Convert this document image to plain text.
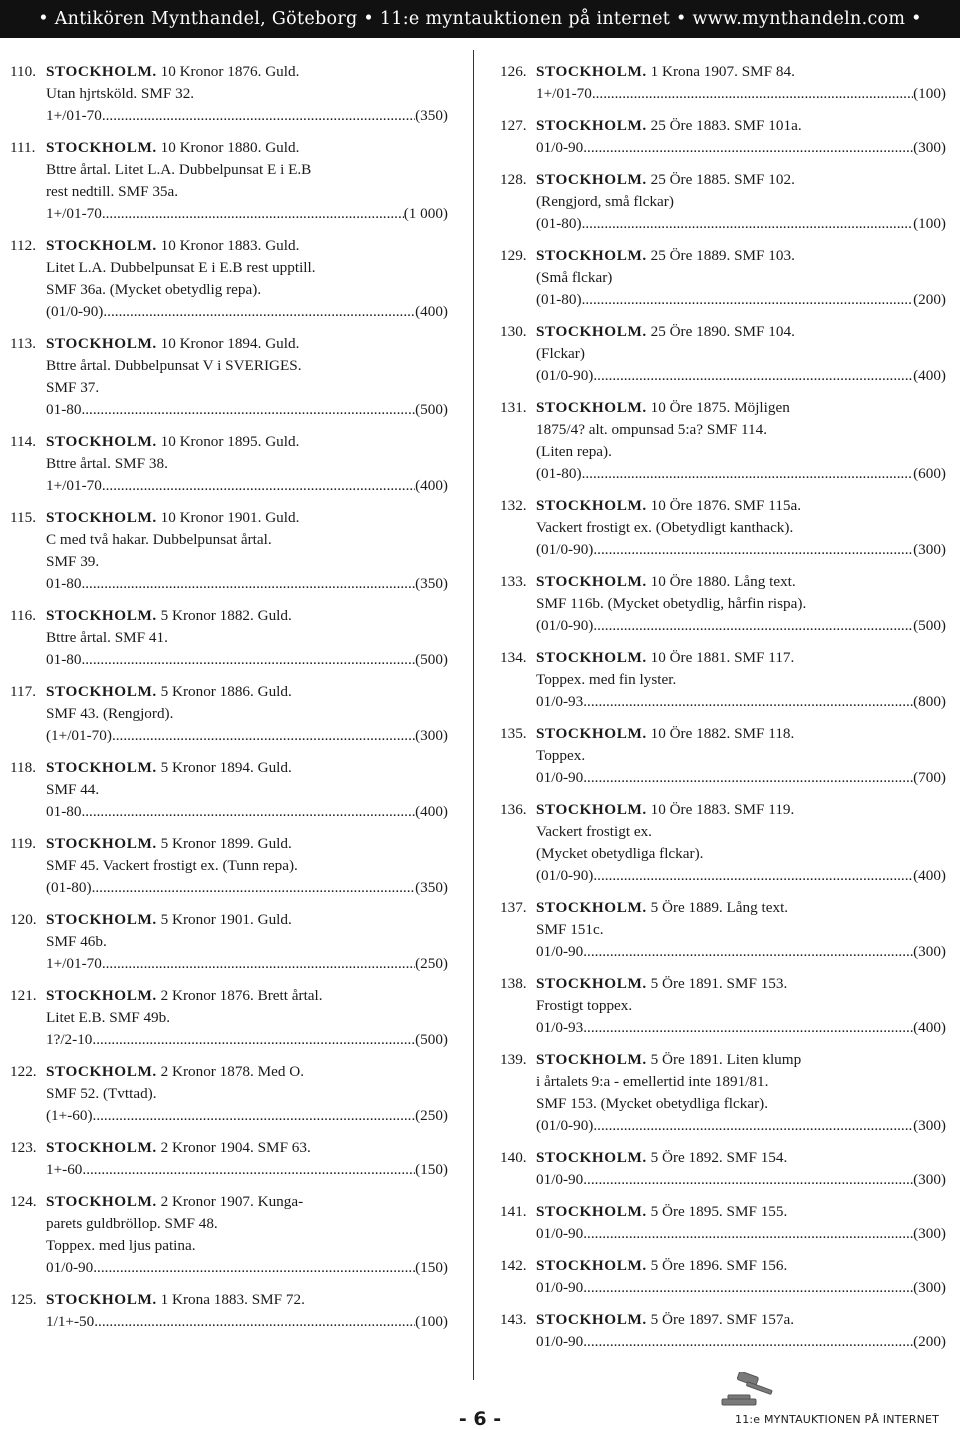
• Antikören Mynthandel, Göteborg • 11:e myntauktionen på internet • www.mynthandeln.com •
110. STOCKHOLM. 10 Kronor 1876. Guld.
Utan hjrtsköld. SMF 32.
1+/01-70 .....	(350)
111. STOCKHOLM. 10 Kronor 1880. Guld.
Bttre årtal. Litet L.A. Dubbelpunsat E i E.B
rest nedtill. SMF 35a.
1+/01-70 .....	(1 000)
112. STOCKHOLM. 10 Kronor 1883. Guld.
Litet L.A. Dubbelpunsat E i E.B rest upptill.
SMF 36a. (Mycket obetydlig repa).
(01/0-90) .....	(400)
113. STOCKHOLM. 10 Kronor 1894. Guld.
Bttre årtal. Dubbelpunsat V i SVERIGES.
SMF 37.
01-80 .....	(500)
114. STOCKHOLM. 10 Kronor 1895. Guld.
Bttre årtal. SMF 38.
1+/01-70 .....	(400)
115. STOCKHOLM. 10 Kronor 1901. Guld.
C med två hakar. Dubbelpunsat årtal.
SMF 39.
01-80 .....	(350)
116. STOCKHOLM. 5 Kronor 1882. Guld.
Bttre årtal. SMF 41.
01-80 .....	(500)
117. STOCKHOLM. 5 Kronor 1886. Guld.
SMF 43. (Rengjord).
(1+/01-70) .....	(300)
118. STOCKHOLM. 5 Kronor 1894. Guld.
SMF 44.
01-80 .....	(400)
119. STOCKHOLM. 5 Kronor 1899. Guld.
SMF 45. Vackert frostigt ex. (Tunn repa).
(01-80) .....	(350)
120. STOCKHOLM. 5 Kronor 1901. Guld.
SMF 46b.
1+/01-70 .....	(250)
121. STOCKHOLM. 2 Kronor 1876. Brett årtal.
Litet E.B. SMF 49b.
1?/2-10 .....	(500)
122. STOCKHOLM. 2 Kronor 1878. Med O.
SMF 52. (Tvttad).
(1+-60) .....	(250)
123. STOCKHOLM. 2 Kronor 1904. SMF 63.
1+-60 .....	(150)
124. STOCKHOLM. 2 Kronor 1907. Kunga-
parets guldbröllop. SMF 48.
Toppex. med ljus patina.
01/0-90 .....	(150)
125. STOCKHOLM. 1 Krona 1883. SMF 72.
1/1+-50 .....	(100)
126. STOCKHOLM. 1 Krona 1907. SMF 84.
1+/01-70 .....	(100)
127. STOCKHOLM. 25 Öre 1883. SMF 101a.
01/0-90 .....	(300)
128. STOCKHOLM. 25 Öre 1885. SMF 102.
(Rengjord, små flckar)
(01-80) .....	(100)
129. STOCKHOLM. 25 Öre 1889. SMF 103.
(Små flckar)
(01-80) .....	(200)
130. STOCKHOLM. 25 Öre 1890. SMF 104.
(Flckar)
(01/0-90) .....	(400)
131. STOCKHOLM. 10 Öre 1875. Möjligen
1875/4? alt. ompunsad 5:a? SMF 114.
(Liten repa).
(01-80) .....	(600)
132. STOCKHOLM. 10 Öre 1876. SMF 115a.
Vackert frostigt ex. (Obetydligt kanthack).
(01/0-90) .....	(300)
133. STOCKHOLM. 10 Öre 1880. Lång text.
SMF 116b. (Mycket obetydlig, hårfin rispa).
(01/0-90) .....	(500)
134. STOCKHOLM. 10 Öre 1881. SMF 117.
Toppex. med fin lyster.
01/0-93 .....	(800)
135. STOCKHOLM. 10 Öre 1882. SMF 118.
Toppex.
01/0-90 .....	(700)
136. STOCKHOLM. 10 Öre 1883. SMF 119.
Vackert frostigt ex.
(Mycket obetydliga flckar).
(01/0-90) .....	(400)
137. STOCKHOLM. 5 Öre 1889. Lång text.
SMF 151c.
01/0-90 .....	(300)
138. STOCKHOLM. 5 Öre 1891. SMF 153.
Frostigt toppex.
01/0-93 .....	(400)
139. STOCKHOLM. 5 Öre 1891. Liten klump
i årtalets 9:a - emellertid inte 1891/81.
SMF 153. (Mycket obetydliga flckar).
(01/0-90) .....	(300)
140. STOCKHOLM. 5 Öre 1892. SMF 154.
01/0-90 .....	(300)
141. STOCKHOLM. 5 Öre 1895. SMF 155.
01/0-90 .....	(300)
142. STOCKHOLM. 5 Öre 1896. SMF 156.
01/0-90 .....	(300)
143. STOCKHOLM. 5 Öre 1897. SMF 157a.
01/0-90 .....	(200)
- 6 -	11:e MYNTAUKTIONEN PÅ INTERNET
